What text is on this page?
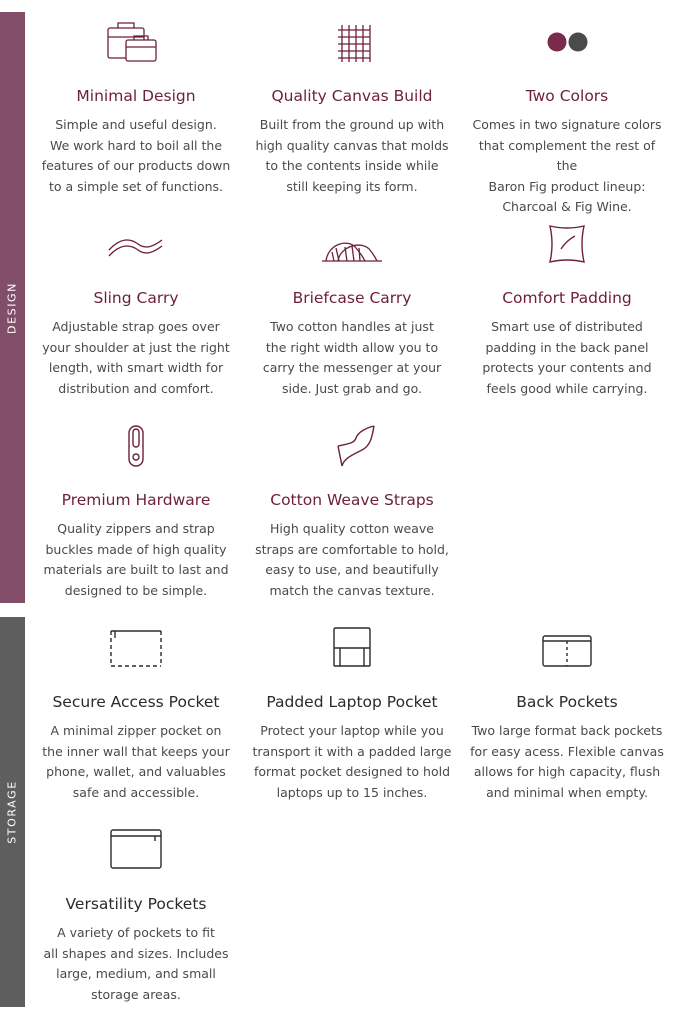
DESIGN
STORAGE
Minimal Design
Simple and useful design.
We work hard to boil all the
features of our products down
to a simple set of functions.
Quality Canvas Build
Built from the ground up with
high quality canvas that molds
to the contents inside while
still keeping its form.
Two Colors
Comes in two signature colors
that complement the rest of the
Baron Fig product lineup:
Charcoal & Fig Wine.
Sling Carry
Adjustable strap goes over
your shoulder at just the right
length, with smart width for
distribution and comfort.
Briefcase Carry
Two cotton handles at just
the right width allow you to
carry the messenger at your
side. Just grab and go.
Comfort Padding
Smart use of distributed
padding in the back panel
protects your contents and
feels good while carrying.
Premium Hardware
Quality zippers and strap
buckles made of high quality
materials are built to last and
designed to be simple.
Cotton Weave Straps
High quality cotton weave
straps are comfortable to hold,
easy to use, and beautifully
match the canvas texture.
Secure Access Pocket
A minimal zipper pocket on
the inner wall that keeps your
phone, wallet, and valuables
safe and accessible.
Padded Laptop Pocket
Protect your laptop while you
transport it with a padded large
format pocket designed to hold
laptops up to 15 inches.
Back Pockets
Two large format back pockets
for easy acess. Flexible canvas
allows for high capacity, flush
and minimal when empty.
Versatility Pockets
A variety of pockets to fit
all shapes and sizes. Includes
large, medium, and small
storage areas.
